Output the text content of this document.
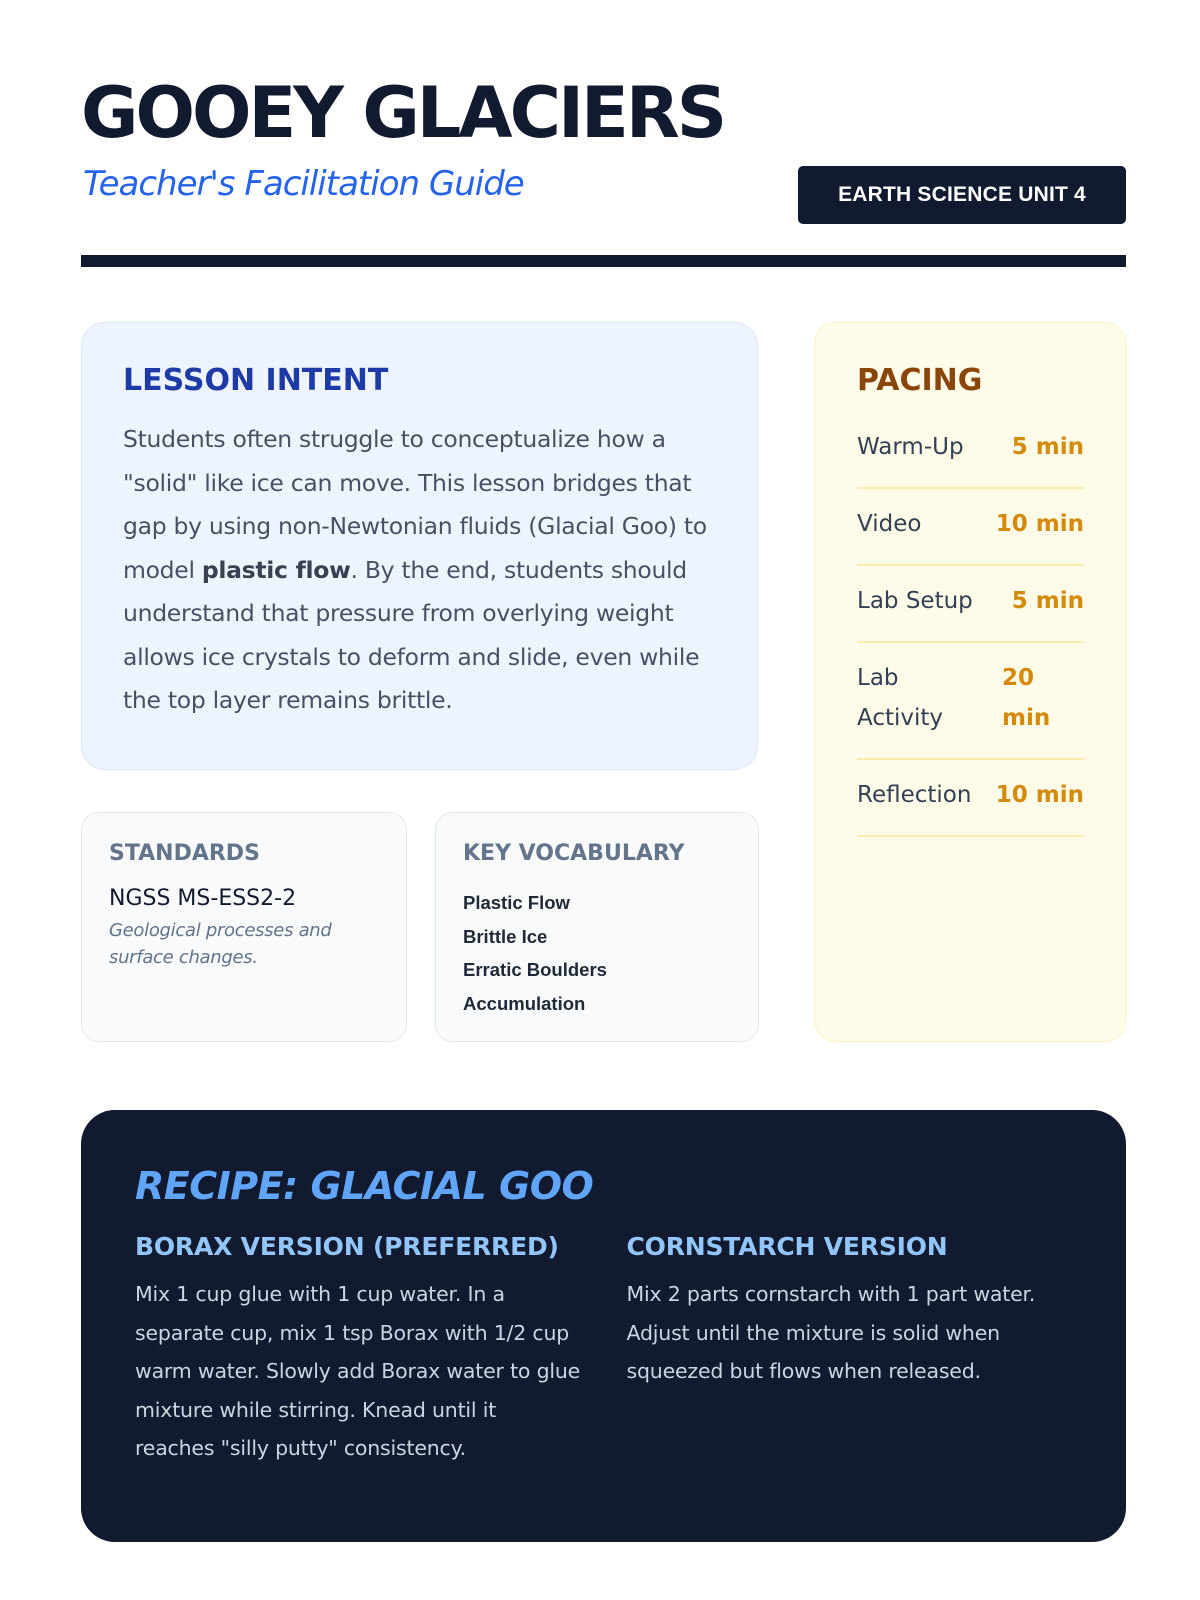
GOOEY GLACIERS
Teacher's Facilitation Guide	EARTH SCIENCE UNIT 4
LESSON INTENT

Students often struggle to conceptualize how a "solid" like ice can move. This lesson bridges that gap by using non-Newtonian fluids (Glacial Goo) to model plastic flow. By the end, students should understand that pressure from overlying weight allows ice crystals to deform and slide, even while the top layer remains brittle.

STANDARDS
NGSS MS-ESS2-2
Geological processes and surface changes.
KEY VOCABULARY
Plastic Flow
Brittle Ice
Erratic Boulders
Accumulation
PACING
Warm-Up 5 min
Video	10 min
Lab Setup 5 min
Lab Activity
20 min
Reflection 10 min
RECIPE: GLACIAL GOO
BORAX VERSION (PREFERRED)

Mix 1 cup glue with 1 cup water. In a separate cup, mix 1 tsp Borax with 1/2 cup warm water. Slowly add Borax water to glue mixture while stirring. Knead until it reaches "silly putty" consistency.

CORNSTARCH VERSION

Mix 2 parts cornstarch with 1 part water. Adjust until the mixture is solid when squeezed but flows when released.
